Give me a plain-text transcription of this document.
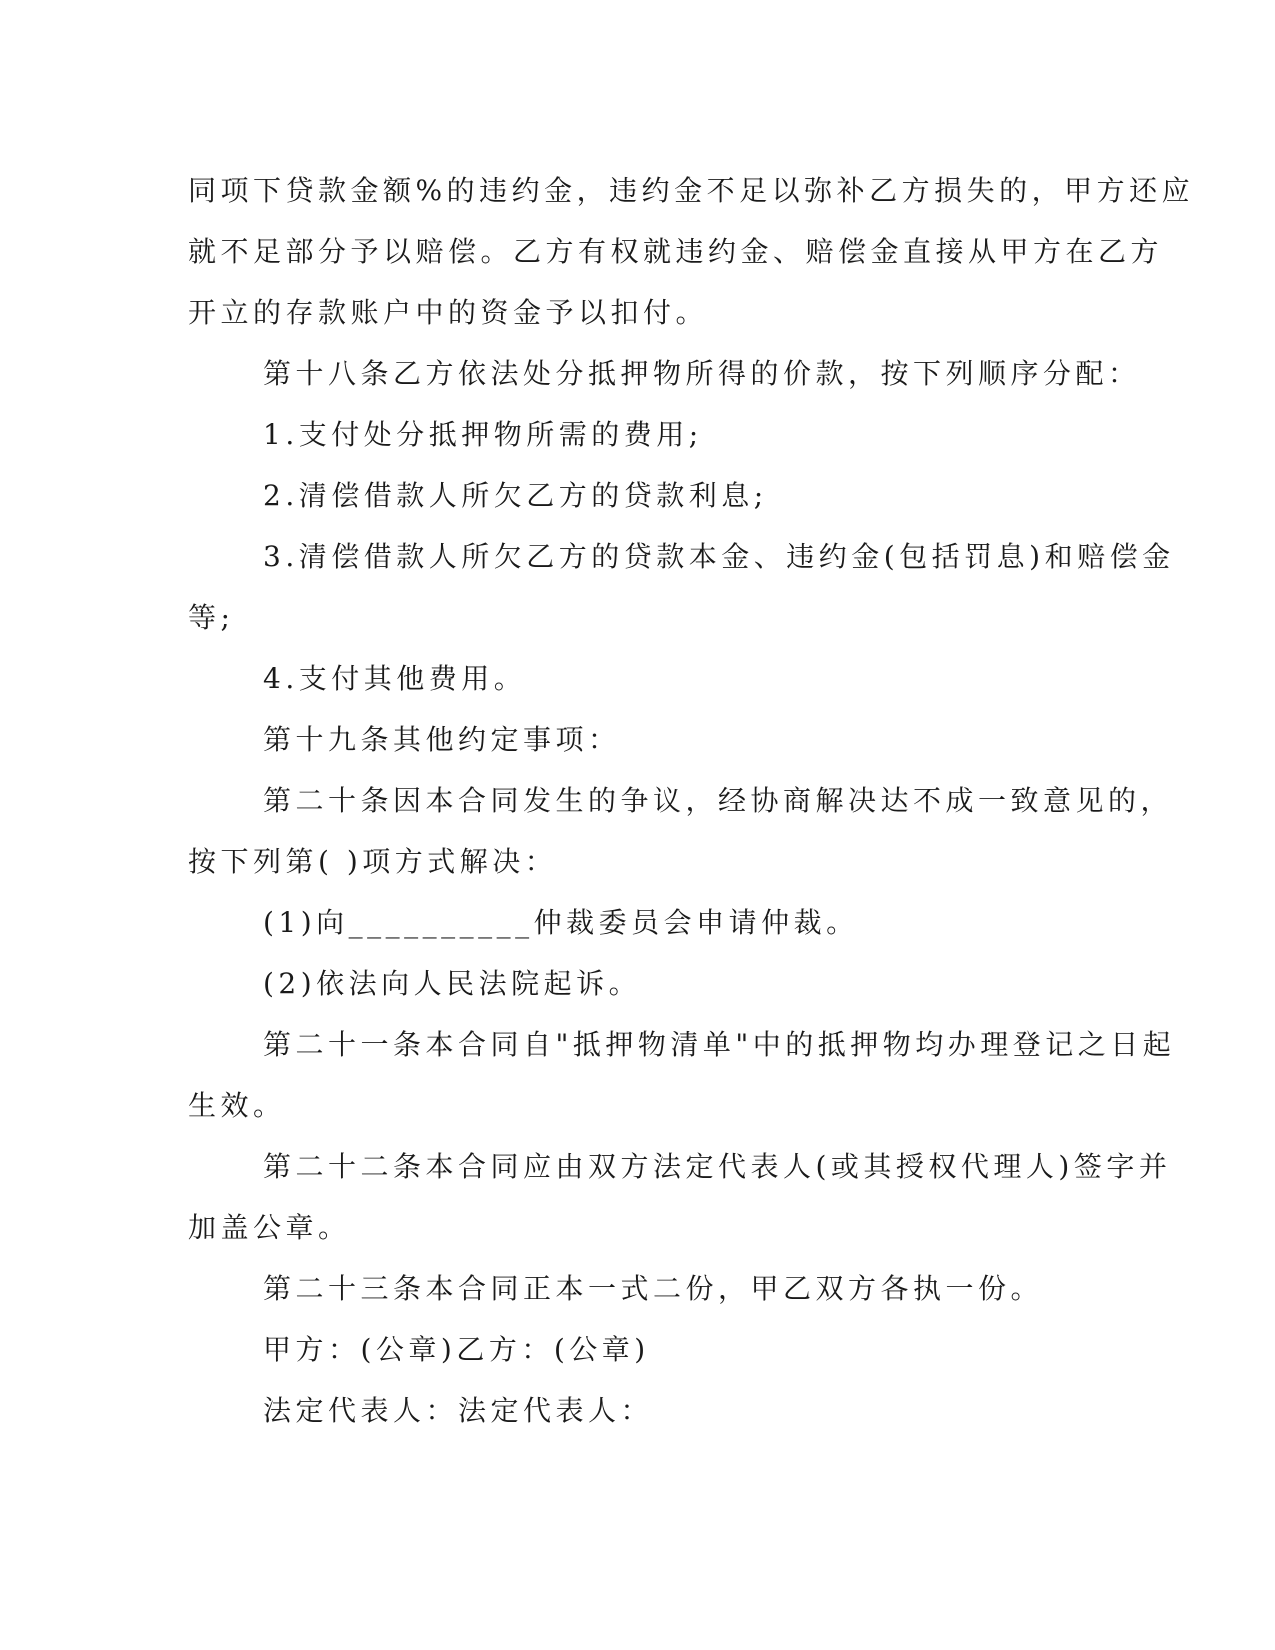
同项下贷款金额%的违约金，违约金不足以弥补乙方损失的，甲方还应

就不足部分予以赔偿。乙方有权就违约金、赔偿金直接从甲方在乙方

开立的存款账户中的资金予以扣付。

第十八条乙方依法处分抵押物所得的价款，按下列顺序分配：

1.支付处分抵押物所需的费用;

2.清偿借款人所欠乙方的贷款利息;

3.清偿借款人所欠乙方的贷款本金、违约金(包括罚息)和赔偿金

等;

4.支付其他费用。

第十九条其他约定事项：

第二十条因本合同发生的争议，经协商解决达不成一致意见的，

按下列第( )项方式解决：

(1)向__________仲裁委员会申请仲裁。

(2)依法向人民法院起诉。

第二十一条本合同自"抵押物清单"中的抵押物均办理登记之日起

生效。

第二十二条本合同应由双方法定代表人(或其授权代理人)签字并

加盖公章。

第二十三条本合同正本一式二份，甲乙双方各执一份。

甲方：(公章)乙方：(公章)

法定代表人：法定代表人：
